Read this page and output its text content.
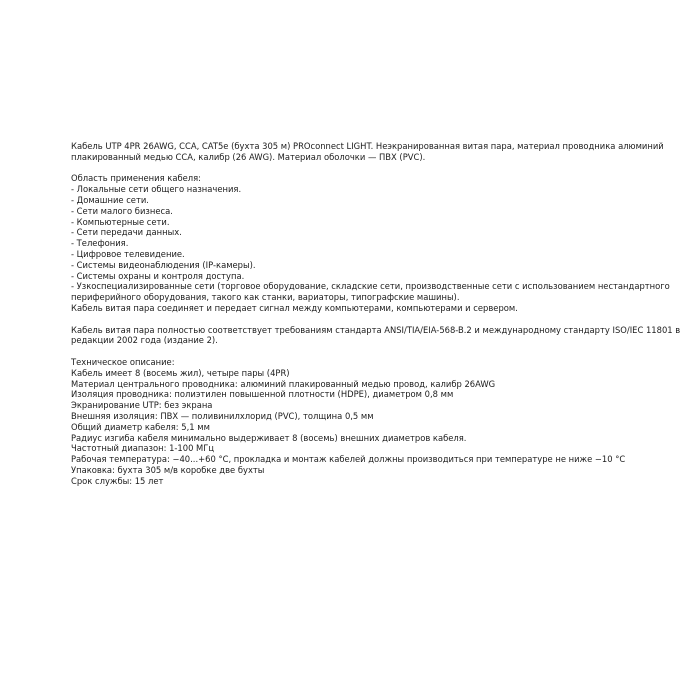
Кабель UTP 4PR 26AWG, CCA, CAT5e (бухта 305 м) PROconnect LIGHT. Неэкранированная витая пара, материал проводника алюминий

плакированный медью CCA, калибр (26 AWG). Материал оболочки — ПВХ (PVC).

Область применения кабеля:

- Локальные сети общего назначения.

- Домашние сети.

- Сети малого бизнеса.

- Компьютерные сети.

- Сети передачи данных.

- Телефония.

- Цифровое телевидение.

- Системы видеонаблюдения (IP-камеры).

- Системы охраны и контроля доступа.

- Узкоспециализированные сети (торговое оборудование, складские сети, производственные сети с использованием нестандартного

периферийного оборудования, такого как станки, вариаторы, типографские машины).

Кабель витая пара соединяет и передает сигнал между компьютерами, компьютерами и сервером.

Кабель витая пара полностью соответствует требованиям стандарта ANSI/TIA/EIA-568-B.2 и международному стандарту ISO/IEC 11801 в

редакции 2002 года (издание 2).

Техническое описание:

Кабель имеет 8 (восемь жил), четыре пары (4PR)

Материал центрального проводника: алюминий плакированный медью провод, калибр 26AWG

Изоляция проводника: полиэтилен повышенной плотности (HDPE), диаметром 0,8 мм

Экранирование UTP: без экрана

Внешняя изоляция: ПВХ — поливинилхлорид (PVC), толщина 0,5 мм

Общий диаметр кабеля: 5,1 мм

Радиус изгиба кабеля минимально выдерживает 8 (восемь) внешних диаметров кабеля.

Частотный диапазон: 1-100 МГц

Рабочая температура: −40...+60 °C, прокладка и монтаж кабелей должны производиться при температуре не ниже −10 °C

Упаковка: бухта 305 м/в коробке две бухты

Срок службы: 15 лет
